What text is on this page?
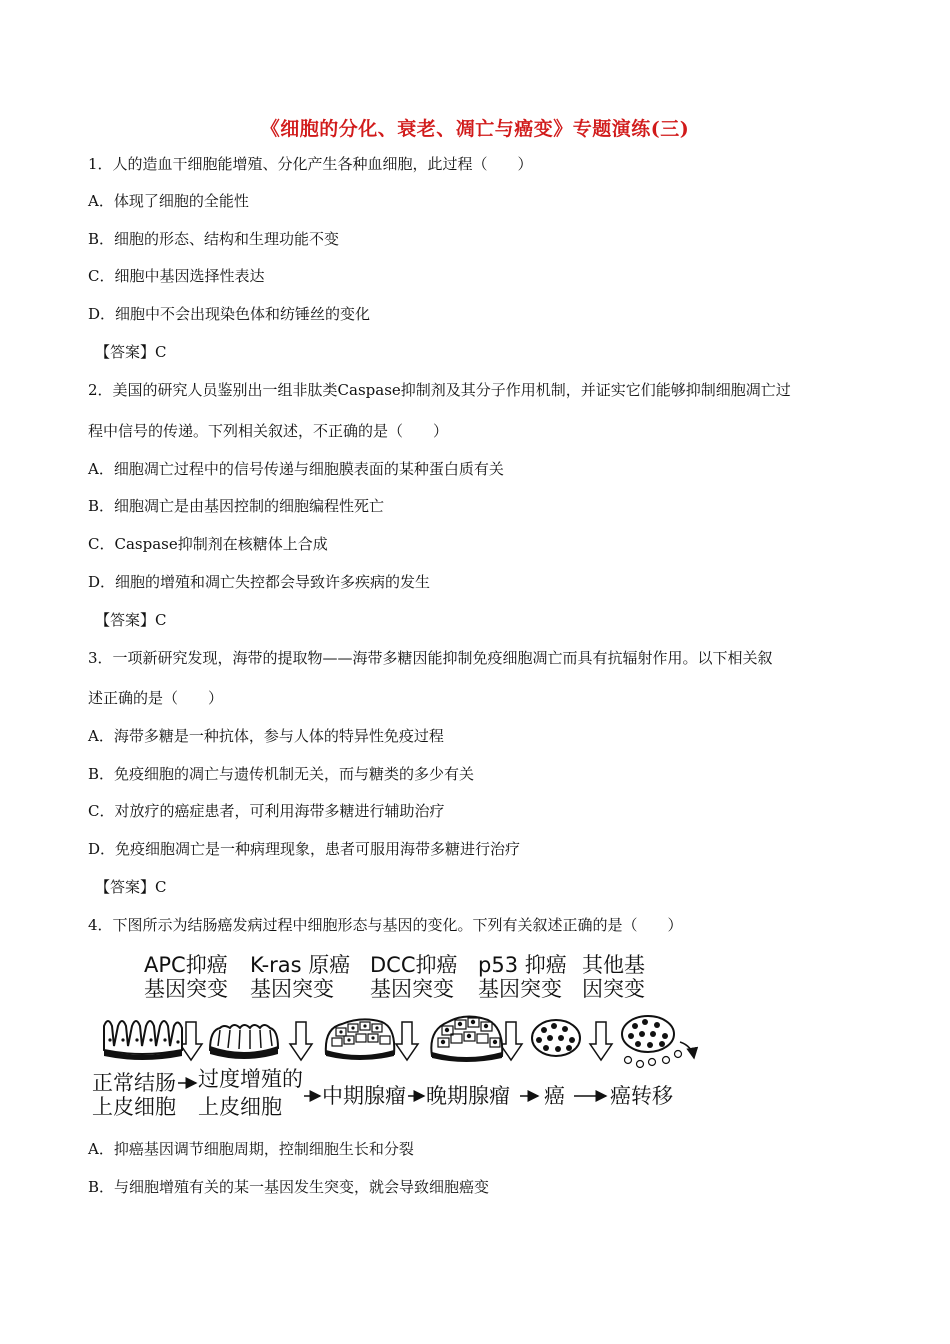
《细胞的分化、衰老、凋亡与癌变》专题演练(三)
1．人的造血干细胞能增殖、分化产生各种血细胞，此过程（　　）
A．体现了细胞的全能性
B．细胞的形态、结构和生理功能不变
C．细胞中基因选择性表达
D．细胞中不会出现染色体和纺锤丝的变化
【答案】C
2．美国的研究人员鉴别出一组非肽类Caspase抑制剂及其分子作用机制，并证实它们能够抑制细胞凋亡过
程中信号的传递。下列相关叙述，不正确的是（　　）
A．细胞凋亡过程中的信号传递与细胞膜表面的某种蛋白质有关
B．细胞凋亡是由基因控制的细胞编程性死亡
C．Caspase抑制剂在核糖体上合成
D．细胞的增殖和凋亡失控都会导致许多疾病的发生
【答案】C
3．一项新研究发现，海带的提取物——海带多糖因能抑制免疫细胞凋亡而具有抗辐射作用。以下相关叙
述正确的是（　　）
A．海带多糖是一种抗体，参与人体的特异性免疫过程
B．免疫细胞的凋亡与遗传机制无关，而与糖类的多少有关
C．对放疗的癌症患者，可利用海带多糖进行辅助治疗
D．免疫细胞凋亡是一种病理现象，患者可服用海带多糖进行治疗
【答案】C
4．下图所示为结肠癌发病过程中细胞形态与基因的变化。下列有关叙述正确的是（　　）
APC抑癌
基因突变
K-ras 原癌
基因突变
DCC抑癌
基因突变
p53 抑癌
基因突变
其他基
因突变
正常结肠
上皮细胞
过度增殖的
上皮细胞 中期腺瘤 晚期腺瘤 癌 癌转移
A．抑癌基因调节细胞周期，控制细胞生长和分裂
B．与细胞增殖有关的某一基因发生突变，就会导致细胞癌变
